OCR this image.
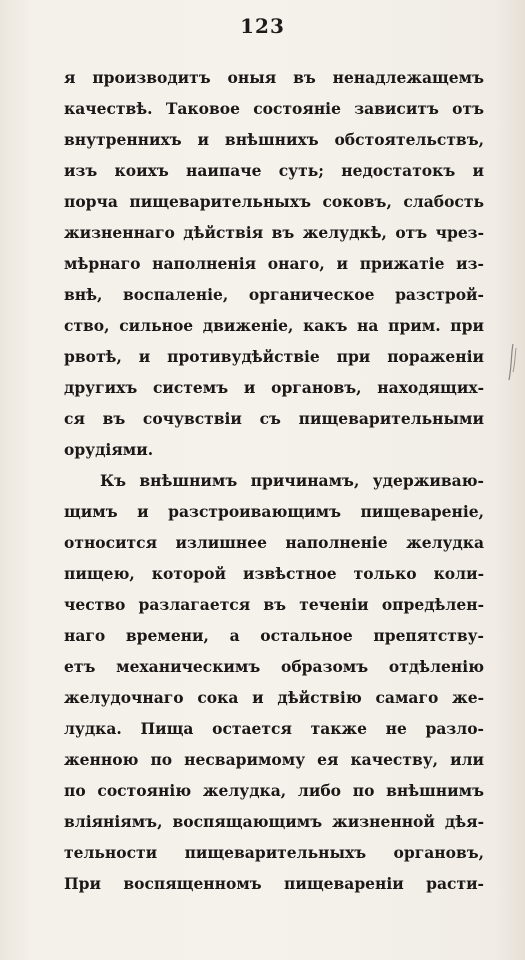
123
я производитъ оныя въ ненадлежащемъ
качествѣ. Таковое состояніе зависитъ отъ
внутреннихъ и внѣшнихъ обстоятельствъ,
изъ коихъ наипаче суть; недостатокъ и
порча пищеварительныхъ соковъ, слабость
жизненнаго дѣйствія въ желудкѣ, отъ чрез-
мѣрнаго наполненія онаго, и прижатіе из-
внѣ, воспаленіе, органическое разстрой-
ство, сильное движеніе, какъ на прим. при
рвотѣ, и противудѣйствіе при пораженіи
другихъ системъ и органовъ, находящих-
ся въ сочувствіи съ пищеварительными
орудіями.
Къ внѣшнимъ причинамъ, удерживаю-
щимъ и разстроивающимъ пищевареніе,
относится излишнее наполненіе желудка
пищею, которой извѣстное только коли-
чество разлагается въ теченіи опредѣлен-
наго времени, а остальное препятству-
етъ механическимъ образомъ отдѣленію
желудочнаго сока и дѣйствію самаго же-
лудка. Пища остается также не разло-
женною по несваримому ея качеству, или
по состоянію желудка, либо по внѣшнимъ
вліяніямъ, воспящающимъ жизненной дѣя-
тельности пищеварительныхъ органовъ,
При воспященномъ пищевареніи расти-
